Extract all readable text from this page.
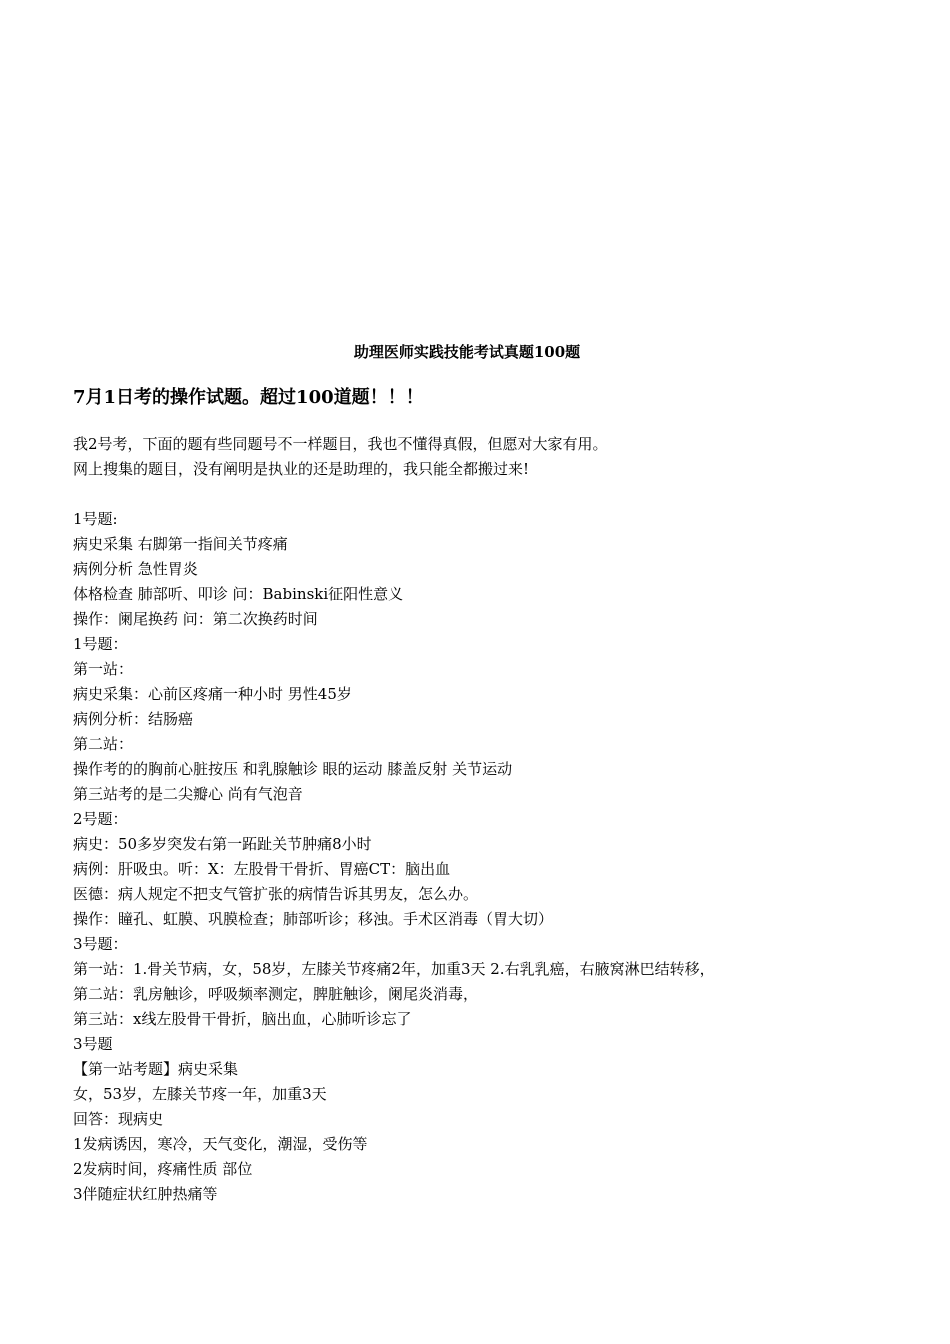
助理医师实践技能考试真题100题
7月1日考的操作试题。超过100道题！！！
我2号考，下面的题有些同题号不一样题目，我也不懂得真假，但愿对大家有用。
网上搜集的题目，没有阐明是执业的还是助理的，我只能全都搬过来!
1号题:
病史采集 右脚第一指间关节疼痛
病例分析 急性胃炎
体格检查 肺部听、叩诊 问：Babinski征阳性意义
操作：阑尾换药 问：第二次换药时间
1号题：
第一站：
病史采集：心前区疼痛一种小时 男性45岁
病例分析：结肠癌
第二站：
操作考的的胸前心脏按压 和乳腺触诊 眼的运动 膝盖反射 关节运动
第三站考的是二尖瓣心 尚有气泡音
2号题：
病史：50多岁突发右第一跖趾关节肿痛8小时
病例：肝吸虫。听：X：左股骨干骨折、胃癌CT：脑出血
医德：病人规定不把支气管扩张的病情告诉其男友，怎么办。
操作：瞳孔、虹膜、巩膜检查；肺部听诊；移浊。手术区消毒（胃大切）
3号题：
第一站：1.骨关节病，女，58岁，左膝关节疼痛2年，加重3天 2.右乳乳癌，右腋窝淋巴结转移，
第二站：乳房触诊，呼吸频率测定，脾脏触诊，阑尾炎消毒，
第三站：x线左股骨干骨折，脑出血，心肺听诊忘了
3号题
【第一站考题】病史采集
女，53岁，左膝关节疼一年，加重3天
回答：现病史
1发病诱因，寒冷，天气变化，潮湿，受伤等
2发病时间，疼痛性质 部位
3伴随症状红肿热痛等
